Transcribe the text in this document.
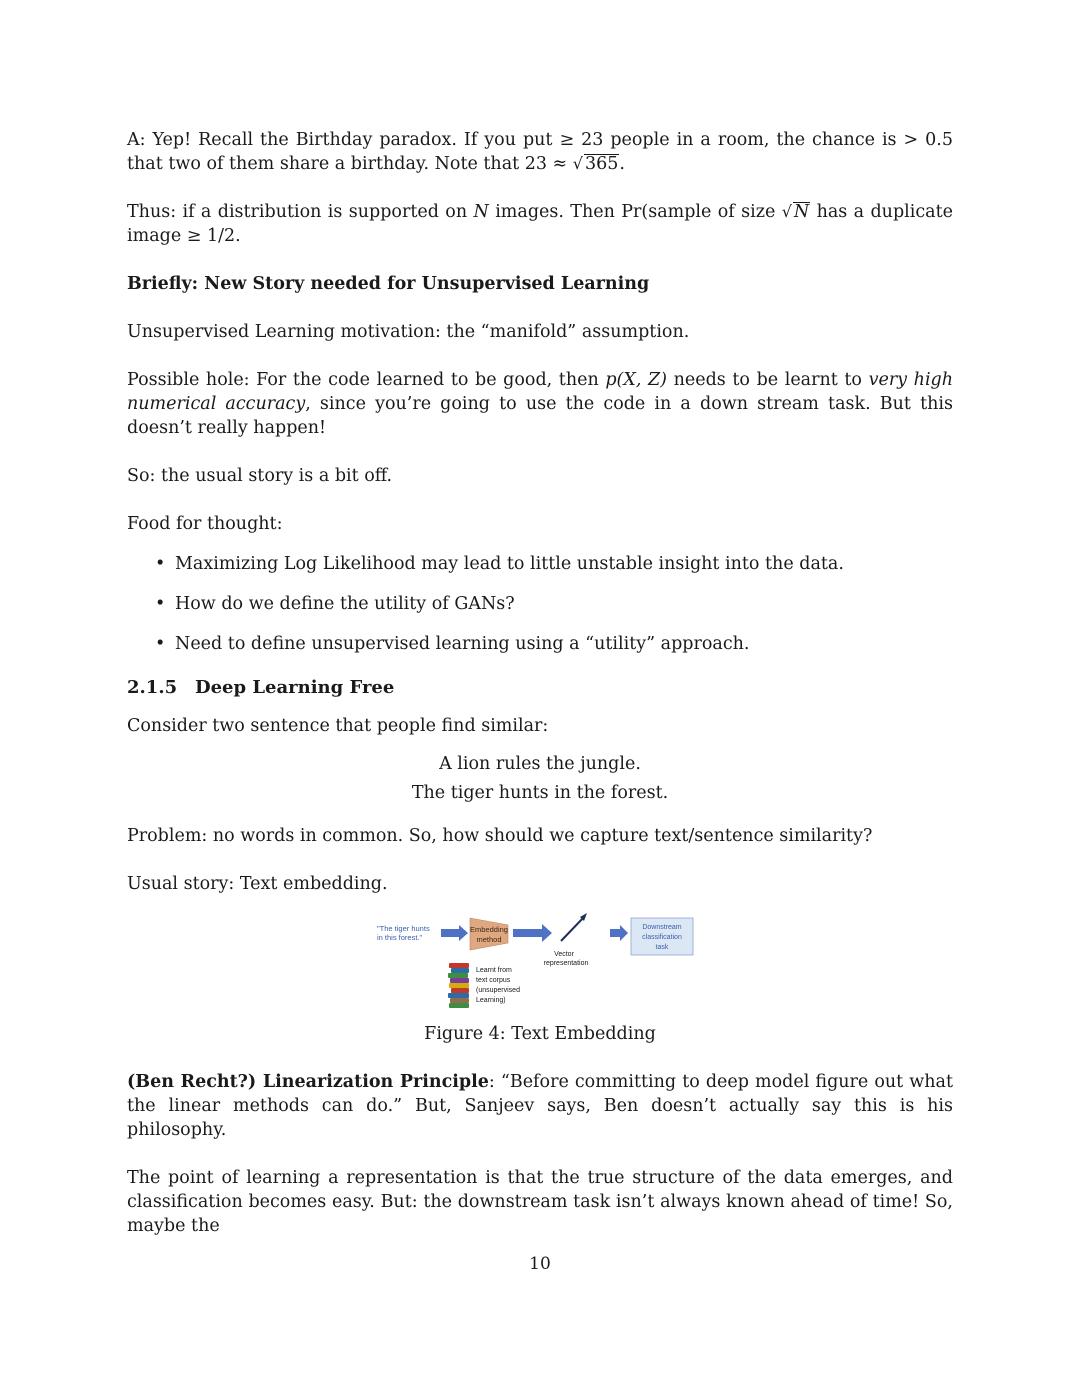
A: Yep! Recall the Birthday paradox. If you put ≥ 23 people in a room, the chance is > 0.5 that two of them share a birthday. Note that 23 ≈ √ 365.

Thus: if a distribution is supported on N images. Then Pr(sample of size √ N has a duplicate image ≥ 1/2.

Briefly: New Story needed for Unsupervised Learning

Unsupervised Learning motivation: the “manifold” assumption.

Possible hole: For the code learned to be good, then p(X, Z) needs to be learnt to very high numerical accuracy, since you’re going to use the code in a down stream task. But this doesn’t really happen!

So: the usual story is a bit off.

Food for thought:

• Maximizing Log Likelihood may lead to little unstable insight into the data.
• How do we define the utility of GANs?
• Need to define unsupervised learning using a “utility” approach.
2.1.5 Deep Learning Free

Consider two sentence that people find similar:

A lion rules the jungle.
The tiger hunts in the forest.

Problem: no words in common. So, how should we capture text/sentence similarity?

Usual story: Text embedding.

"The tiger hunts
in this forest."
Embedding
method
Vector
representation
Downstream
classification
task
Learnt from
text corpus
(unsupervised
Learning)
Figure 4: Text Embedding

(Ben Recht?) Linearization Principle: “Before committing to deep model figure out what the linear methods can do.” But, Sanjeev says, Ben doesn’t actually say this is his philosophy.

The point of learning a representation is that the true structure of the data emerges, and classification becomes easy. But: the downstream task isn’t always known ahead of time! So, maybe the

10
